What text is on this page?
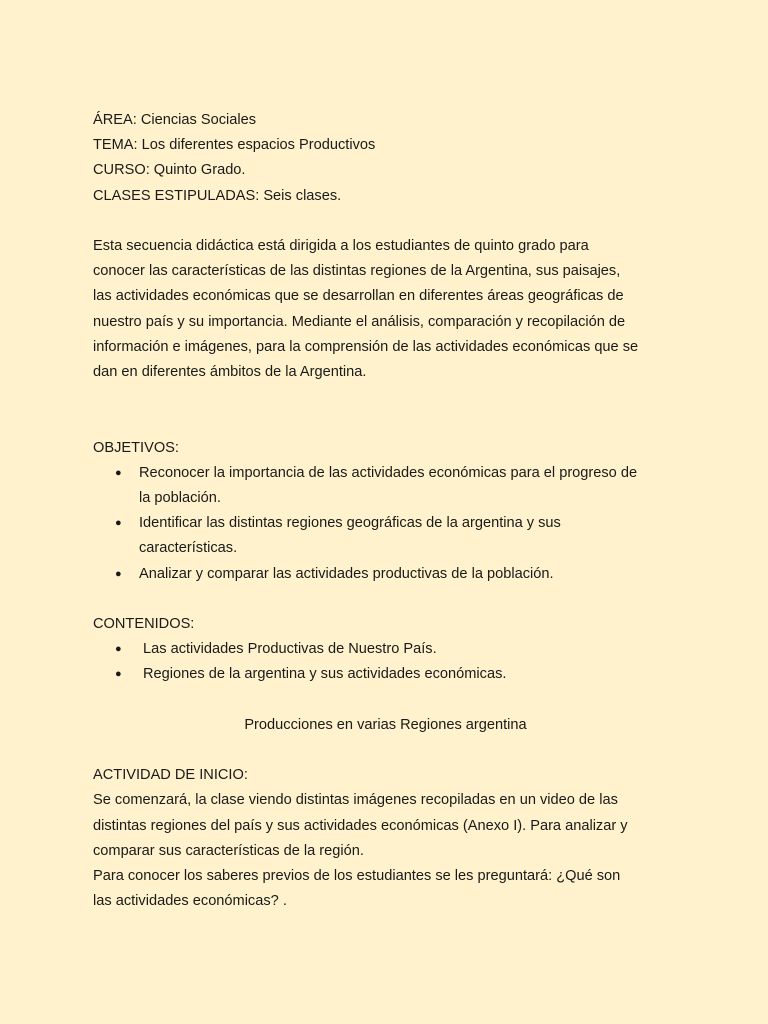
ÁREA: Ciencias Sociales
TEMA: Los diferentes espacios Productivos
CURSO: Quinto Grado.
CLASES ESTIPULADAS: Seis clases.
Esta secuencia didáctica está dirigida a los estudiantes de quinto grado para
conocer las características de las distintas regiones de la Argentina, sus paisajes,
las actividades económicas que se desarrollan en diferentes áreas geográficas de
nuestro país y su importancia. Mediante el análisis, comparación y recopilación de
información e imágenes, para la comprensión de las actividades económicas que se
dan en diferentes ámbitos de la Argentina.
OBJETIVOS:
● Reconocer la importancia de las actividades económicas para el progreso de
la población.
● Identificar las distintas regiones geográficas de la argentina y sus
características.
● Analizar y comparar las actividades productivas de la población.
CONTENIDOS:
● Las actividades Productivas de Nuestro País.
● Regiones de la argentina y sus actividades económicas.
Producciones en varias Regiones argentina
ACTIVIDAD DE INICIO:
Se comenzará, la clase viendo distintas imágenes recopiladas en un video de las
distintas regiones del país y sus actividades económicas (Anexo I). Para analizar y
comparar sus características de la región.
Para conocer los saberes previos de los estudiantes se les preguntará: ¿Qué son
las actividades económicas? .
